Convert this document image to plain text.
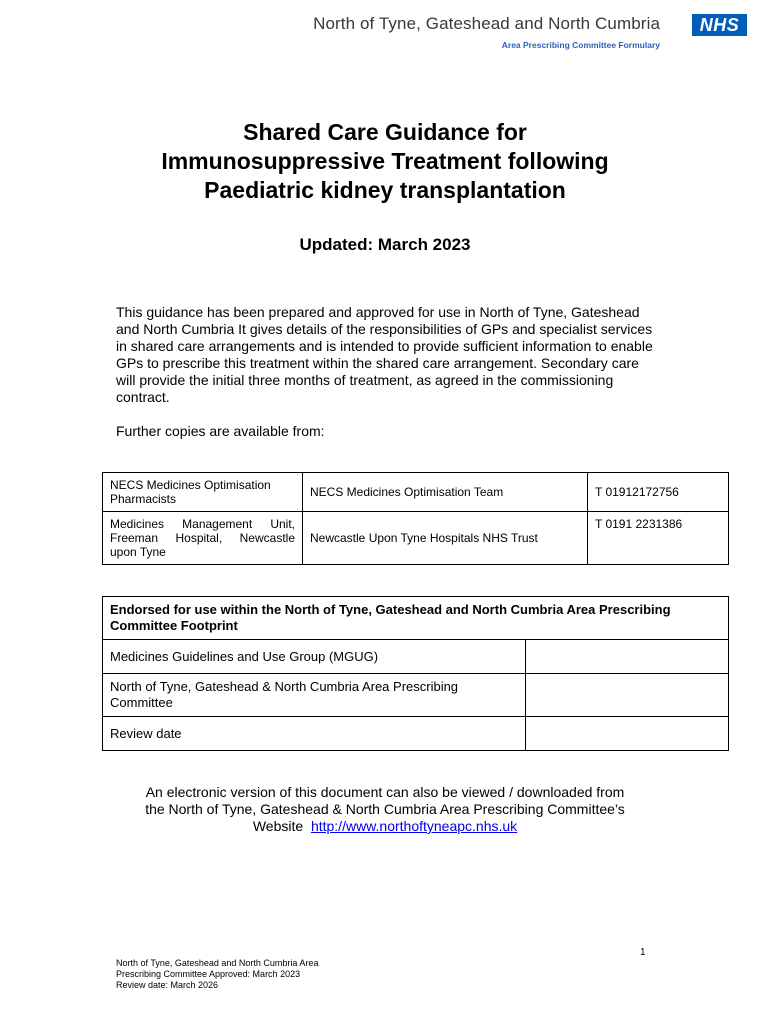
North of Tyne, Gateshead and North Cumbria
Area Prescribing Committee Formulary
NHS
Shared Care Guidance for
Immunosuppressive Treatment following
Paediatric kidney transplantation
Updated: March 2023
This guidance has been prepared and approved for use in North of Tyne, Gateshead and North Cumbria It gives details of the responsibilities of GPs and specialist services in shared care arrangements and is intended to provide sufficient information to enable GPs to prescribe this treatment within the shared care arrangement. Secondary care will provide the initial three months of treatment, as agreed in the commissioning contract.
Further copies are available from:
NECS Medicines Optimisation Pharmacists	NECS Medicines Optimisation Team	T 01912172756
Medicines Management Unit, Freeman Hospital, Newcastle upon Tyne	Newcastle Upon Tyne Hospitals NHS Trust	T 0191 2231386
Endorsed for use within the North of Tyne, Gateshead and North Cumbria Area Prescribing Committee Footprint	
Medicines Guidelines and Use Group (MGUG)	
North of Tyne, Gateshead & North Cumbria Area Prescribing Committee	
Review date	
An electronic version of this document can also be viewed / downloaded from
the North of Tyne, Gateshead & North Cumbria Area Prescribing Committee’s
Website http://www.northoftyneapc.nhs.uk
1
North of Tyne, Gateshead and North Cumbria Area
Prescribing Committee Approved: March 2023
Review date: March 2026
